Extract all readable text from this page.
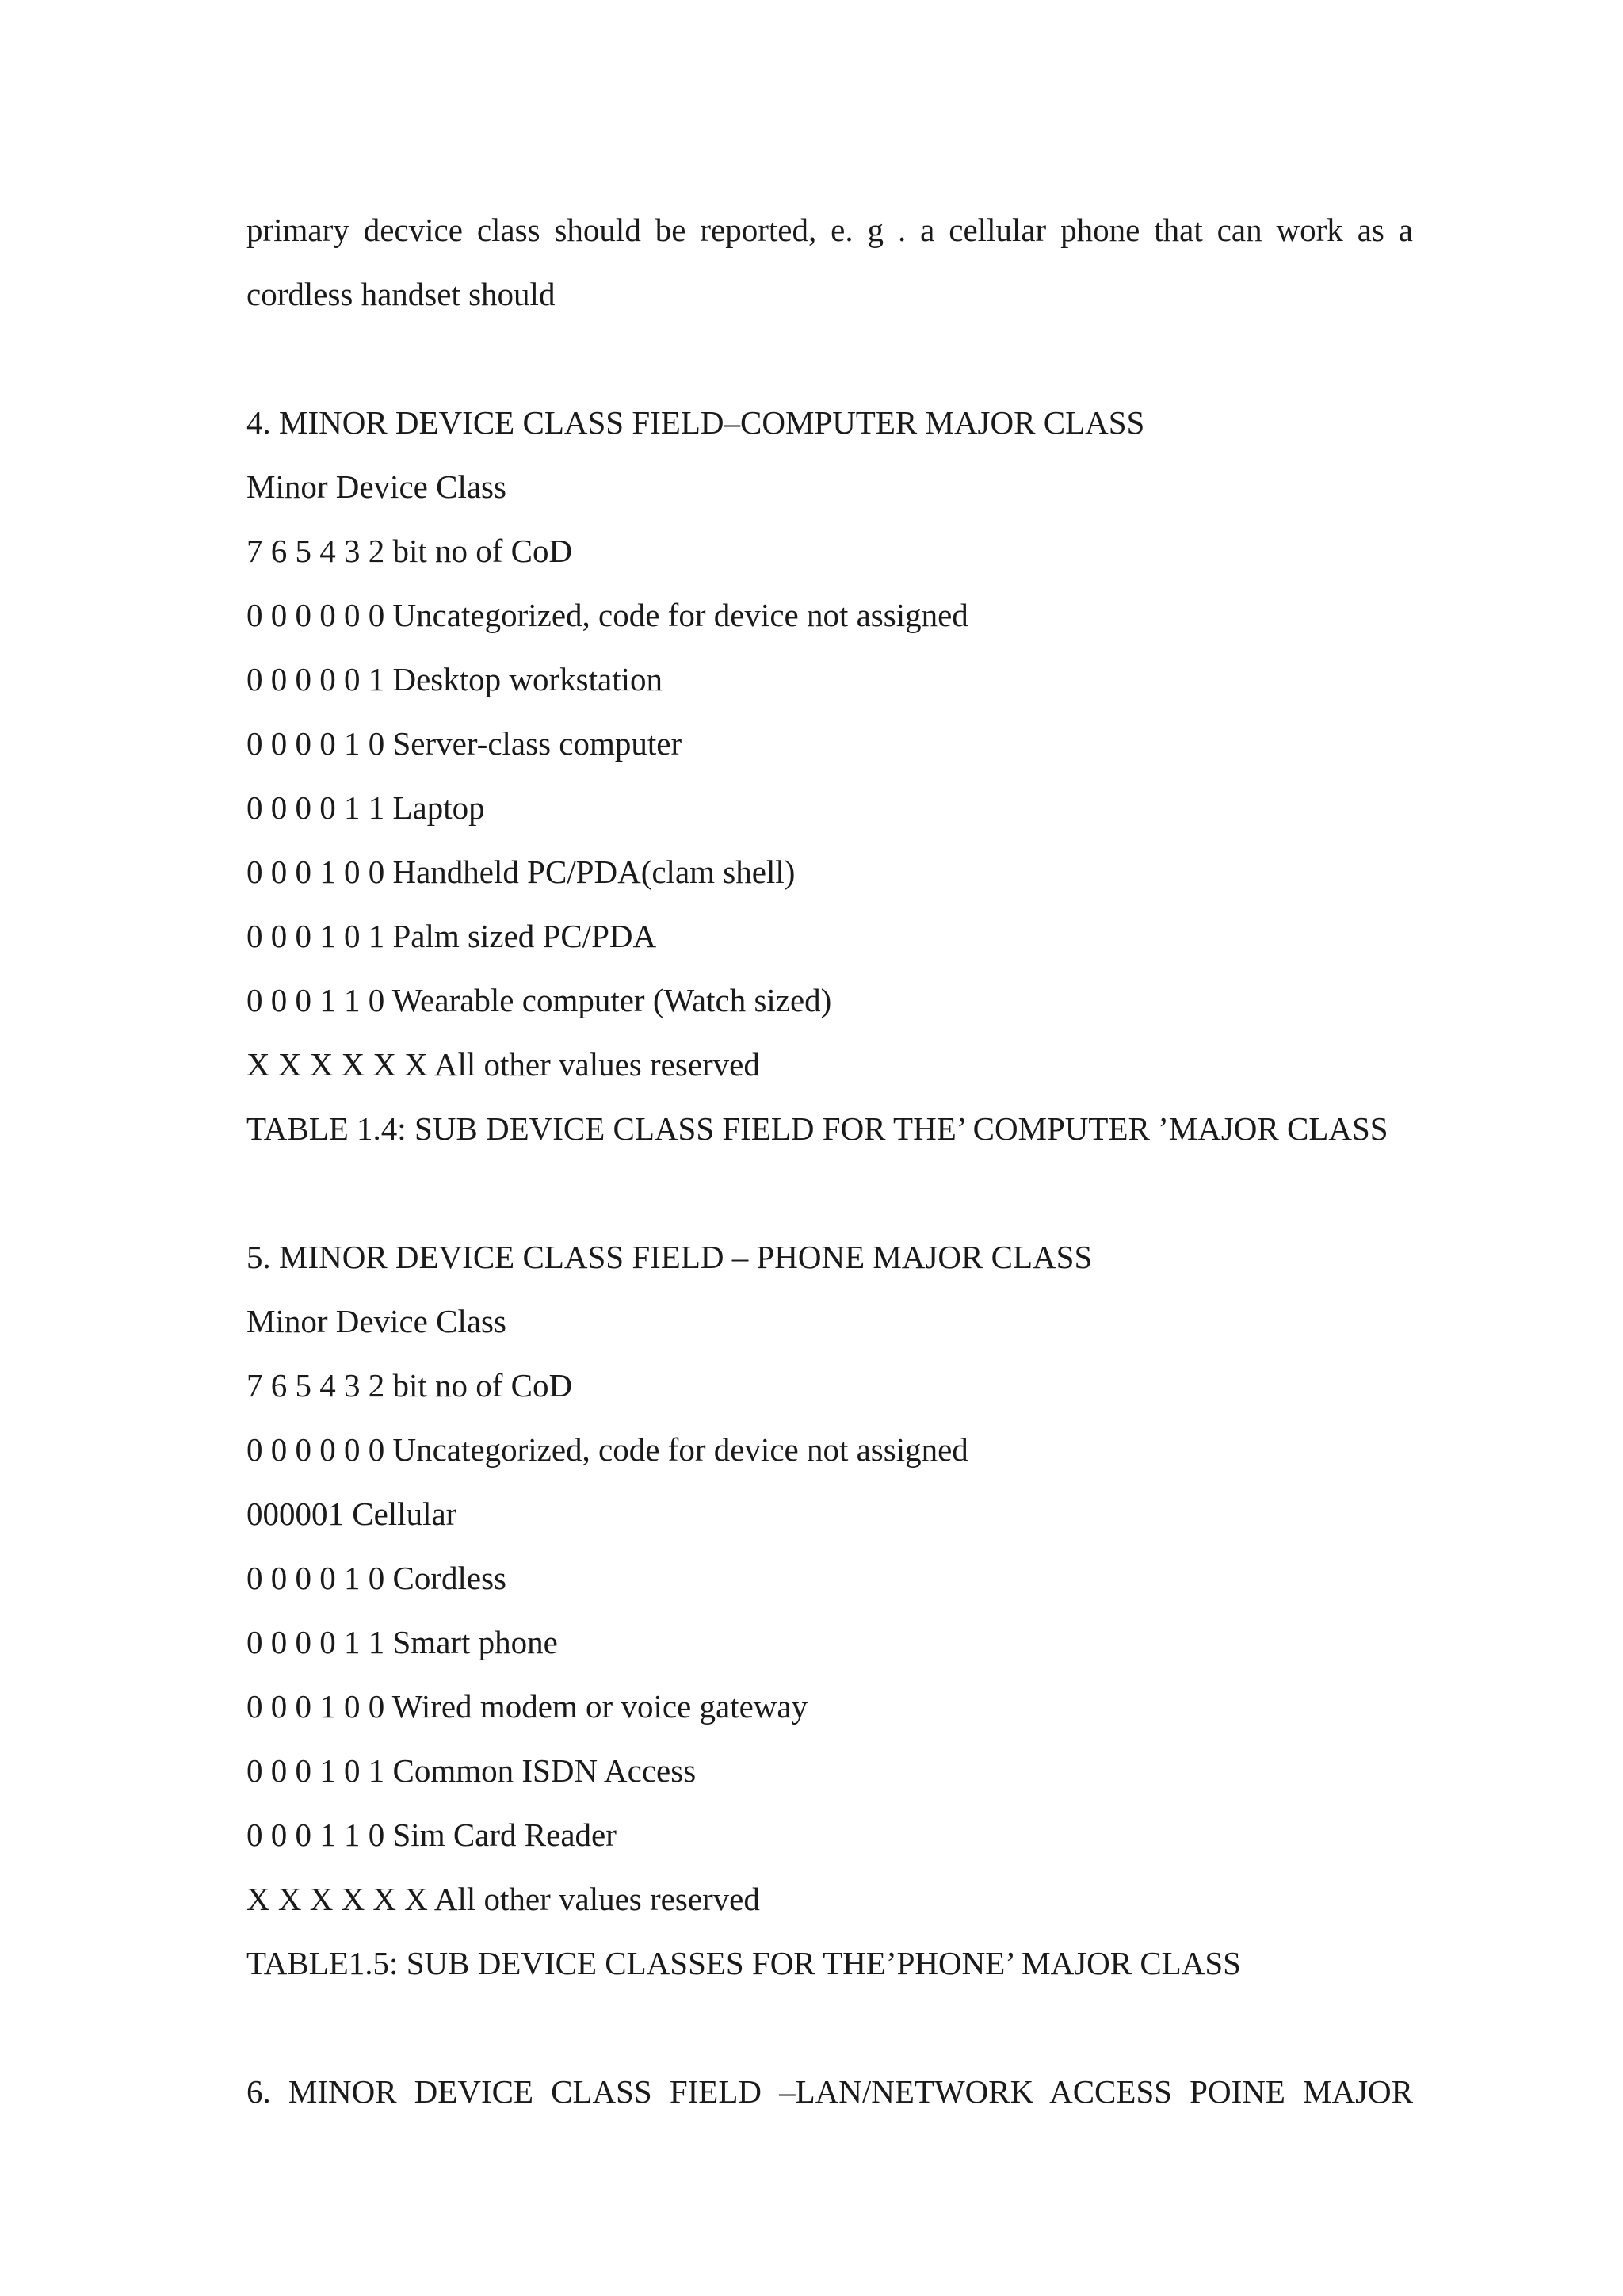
primary decvice class should be reported, e. g . a cellular phone that can work as a
cordless handset should
4. MINOR DEVICE CLASS FIELD–COMPUTER MAJOR CLASS
Minor Device Class
7 6 5 4 3 2 bit no of CoD
0 0 0 0 0 0 Uncategorized, code for device not assigned
0 0 0 0 0 1 Desktop workstation
0 0 0 0 1 0 Server-class computer
0 0 0 0 1 1 Laptop
0 0 0 1 0 0 Handheld PC/PDA(clam shell)
0 0 0 1 0 1 Palm sized PC/PDA
0 0 0 1 1 0 Wearable computer (Watch sized)
X X X X X X All other values reserved
TABLE 1.4: SUB DEVICE CLASS FIELD FOR THE’ COMPUTER ’MAJOR CLASS
5. MINOR DEVICE CLASS FIELD – PHONE MAJOR CLASS
Minor Device Class
7 6 5 4 3 2 bit no of CoD
0 0 0 0 0 0 Uncategorized, code for device not assigned
000001 Cellular
0 0 0 0 1 0 Cordless
0 0 0 0 1 1 Smart phone
0 0 0 1 0 0 Wired modem or voice gateway
0 0 0 1 0 1 Common ISDN Access
0 0 0 1 1 0 Sim Card Reader
X X X X X X All other values reserved
TABLE1.5: SUB DEVICE CLASSES FOR THE’PHONE’ MAJOR CLASS
6. MINOR DEVICE CLASS FIELD –LAN/NETWORK ACCESS POINE MAJOR
